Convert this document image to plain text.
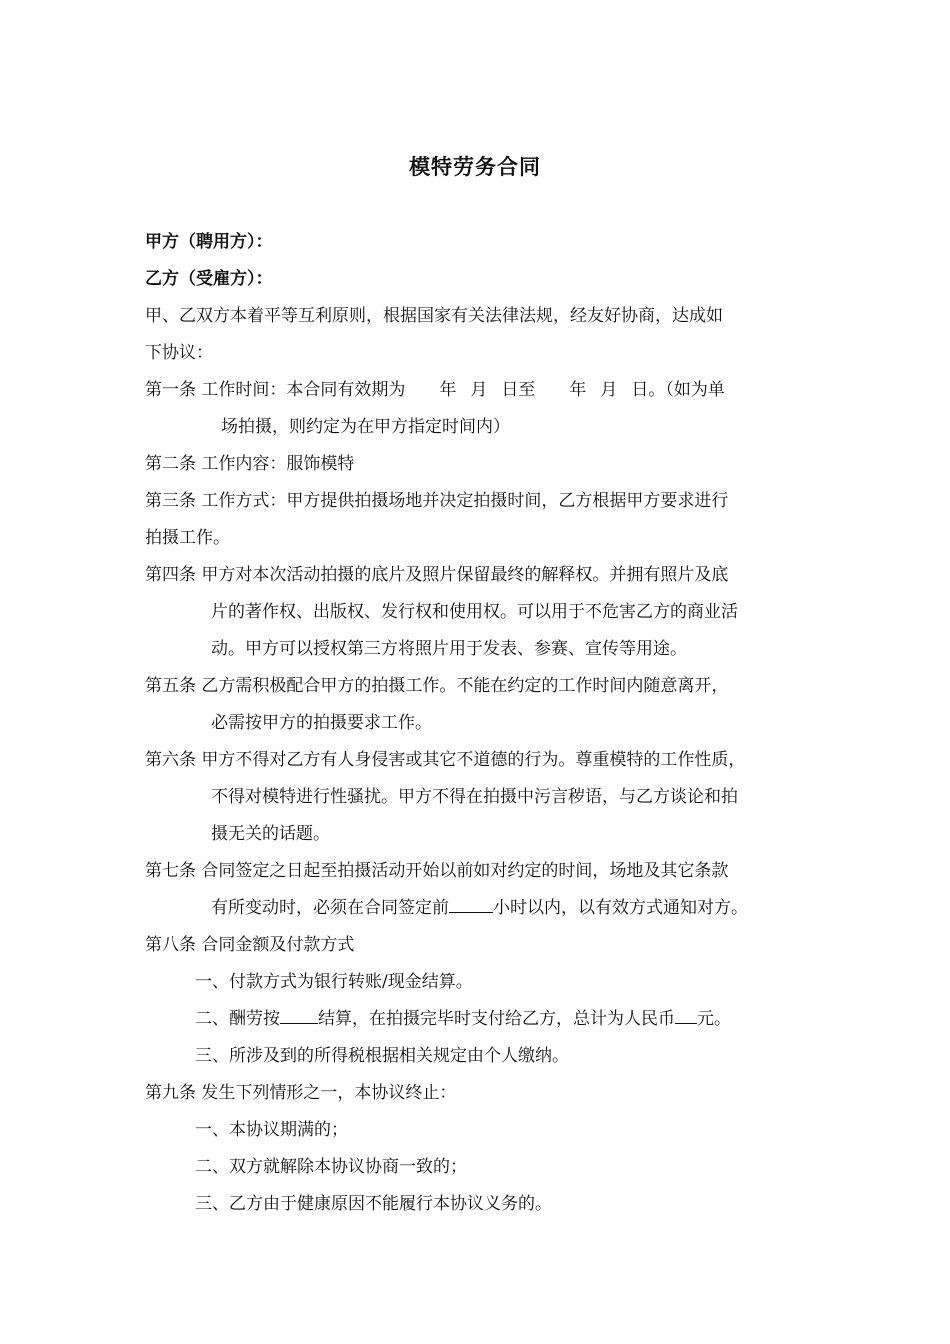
模特劳务合同
甲方（聘用方）：
乙方（受雇方）：
甲、乙双方本着平等互利原则，根据国家有关法律法规，经友好协商，达成如
下协议：
第一条 工作时间：本合同有效期为 年 月 日至 年 月 日。（如为单
场拍摄，则约定为在甲方指定时间内）
第二条 工作内容：服饰模特
第三条 工作方式：甲方提供拍摄场地并决定拍摄时间，乙方根据甲方要求进行
拍摄工作。
第四条 甲方对本次活动拍摄的底片及照片保留最终的解释权。并拥有照片及底
片的著作权、出版权、发行权和使用权。可以用于不危害乙方的商业活
动。甲方可以授权第三方将照片用于发表、参赛、宣传等用途。
第五条 乙方需积极配合甲方的拍摄工作。不能在约定的工作时间内随意离开，
必需按甲方的拍摄要求工作。
第六条 甲方不得对乙方有人身侵害或其它不道德的行为。尊重模特的工作性质，
不得对模特进行性骚扰。甲方不得在拍摄中污言秽语，与乙方谈论和拍
摄无关的话题。
第七条 合同签定之日起至拍摄活动开始以前如对约定的时间，场地及其它条款
有所变动时，必须在合同签定前	小时以内，以有效方式通知对方。
第八条 合同金额及付款方式
一、付款方式为银行转账/现金结算。
二、酬劳按 结算，在拍摄完毕时支付给乙方，总计为人民币 元。
三、所涉及到的所得税根据相关规定由个人缴纳。
第九条 发生下列情形之一，本协议终止：
一、本协议期满的；
二、双方就解除本协议协商一致的；
三、乙方由于健康原因不能履行本协议义务的。
